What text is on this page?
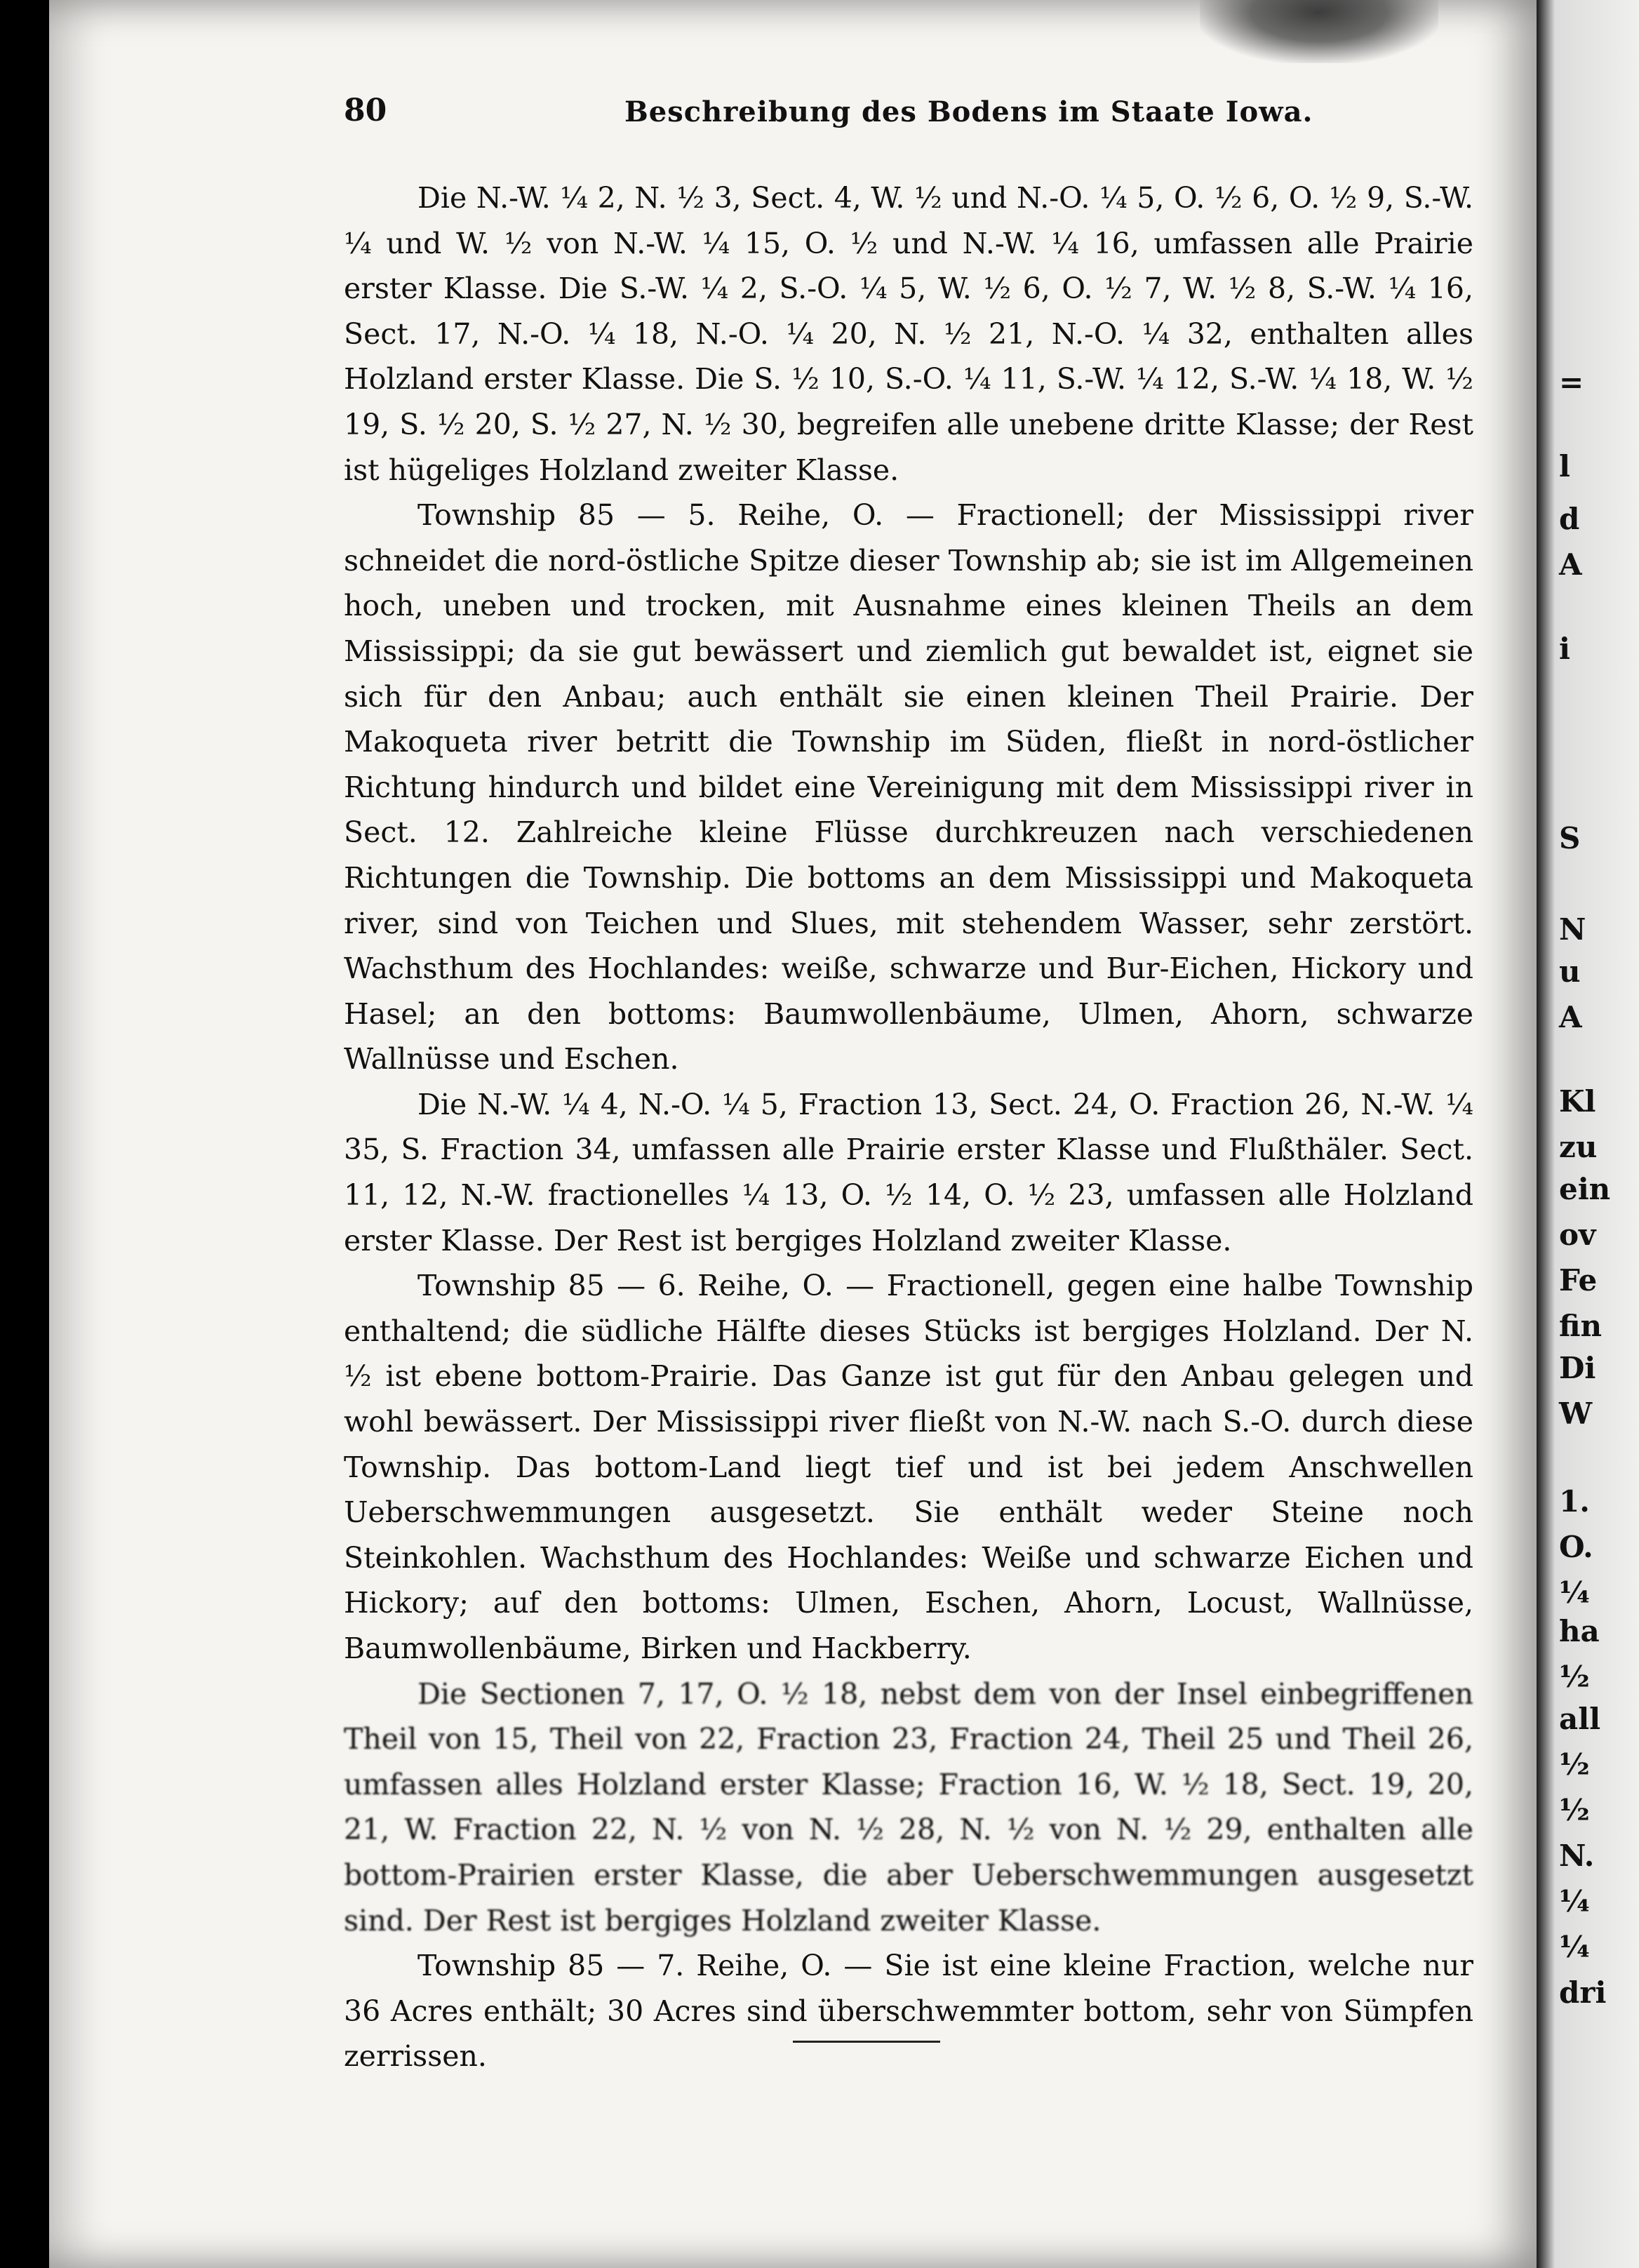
80	Beschreibung des Bodens im Staate Iowa.

Die N.-W. ¼ 2, N. ½ 3, Sect. 4, W. ½ und N.-O. ¼ 5, O. ½ 6, O. ½ 9, S.-W. ¼ und W. ½ von N.-W. ¼ 15, O. ½ und N.-W. ¼ 16, umfassen alle Prairie erster Klasse. Die S.-W. ¼ 2, S.-O. ¼ 5, W. ½ 6, O. ½ 7, W. ½ 8, S.-W. ¼ 16, Sect. 17, N.-O. ¼ 18, N.-O. ¼ 20, N. ½ 21, N.-O. ¼ 32, enthalten alles Holzland erster Klasse. Die S. ½ 10, S.-O. ¼ 11, S.-W. ¼ 12, S.-W. ¼ 18, W. ½ 19, S. ½ 20, S. ½ 27, N. ½ 30, begreifen alle unebene dritte Klasse; der Rest ist hügeliges Holzland zweiter Klasse.

Township 85 — 5. Reihe, O. — Fractionell; der Mississippi river schneidet die nord-östliche Spitze dieser Township ab; sie ist im Allgemeinen hoch, uneben und trocken, mit Ausnahme eines kleinen Theils an dem Mississippi; da sie gut bewässert und ziemlich gut bewaldet ist, eignet sie sich für den Anbau; auch enthält sie einen kleinen Theil Prairie. Der Makoqueta river betritt die Township im Süden, fließt in nord-östlicher Richtung hindurch und bildet eine Vereinigung mit dem Mississippi river in Sect. 12. Zahlreiche kleine Flüsse durchkreuzen nach verschiedenen Richtungen die Township. Die bottoms an dem Mississippi und Makoqueta river, sind von Teichen und Slues, mit stehendem Wasser, sehr zerstört. Wachsthum des Hochlandes: weiße, schwarze und Bur-Eichen, Hickory und Hasel; an den bottoms: Baumwollenbäume, Ulmen, Ahorn, schwarze Wallnüsse und Eschen.

Die N.-W. ¼ 4, N.-O. ¼ 5, Fraction 13, Sect. 24, O. Fraction 26, N.-W. ¼ 35, S. Fraction 34, umfassen alle Prairie erster Klasse und Flußthäler. Sect. 11, 12, N.-W. fractionelles ¼ 13, O. ½ 14, O. ½ 23, umfassen alle Holzland erster Klasse. Der Rest ist bergiges Holzland zweiter Klasse.

Township 85 — 6. Reihe, O. — Fractionell, gegen eine halbe Township enthaltend; die südliche Hälfte dieses Stücks ist bergiges Holzland. Der N. ½ ist ebene bottom-Prairie. Das Ganze ist gut für den Anbau gelegen und wohl bewässert. Der Mississippi river fließt von N.-W. nach S.-O. durch diese Township. Das bottom-Land liegt tief und ist bei jedem Anschwellen Ueberschwemmungen ausgesetzt. Sie enthält weder Steine noch Steinkohlen. Wachsthum des Hochlandes: Weiße und schwarze Eichen und Hickory; auf den bottoms: Ulmen, Eschen, Ahorn, Locust, Wallnüsse, Baumwollenbäume, Birken und Hackberry.

Die Sectionen 7, 17, O. ½ 18, nebst dem von der Insel einbegriffenen Theil von 15, Theil von 22, Fraction 23, Fraction 24, Theil 25 und Theil 26, umfassen alles Holzland erster Klasse; Fraction 16, W. ½ 18, Sect. 19, 20, 21, W. Fraction 22, N. ½ von N. ½ 28, N. ½ von N. ½ 29, enthalten alle bottom-Prairien erster Klasse, die aber Ueberschwemmungen ausgesetzt sind. Der Rest ist bergiges Holzland zweiter Klasse.

Township 85 — 7. Reihe, O. — Sie ist eine kleine Fraction, welche nur 36 Acres enthält; 30 Acres sind überschwemmter bottom, sehr von Sümpfen zerrissen.

=
l
d
A
i
S
N
u
A
Kl
zu
ein
ov
Fe
fin
Di
W
1.
O.
¼
ha
½
all
½
½
N.
¼
¼
dri
